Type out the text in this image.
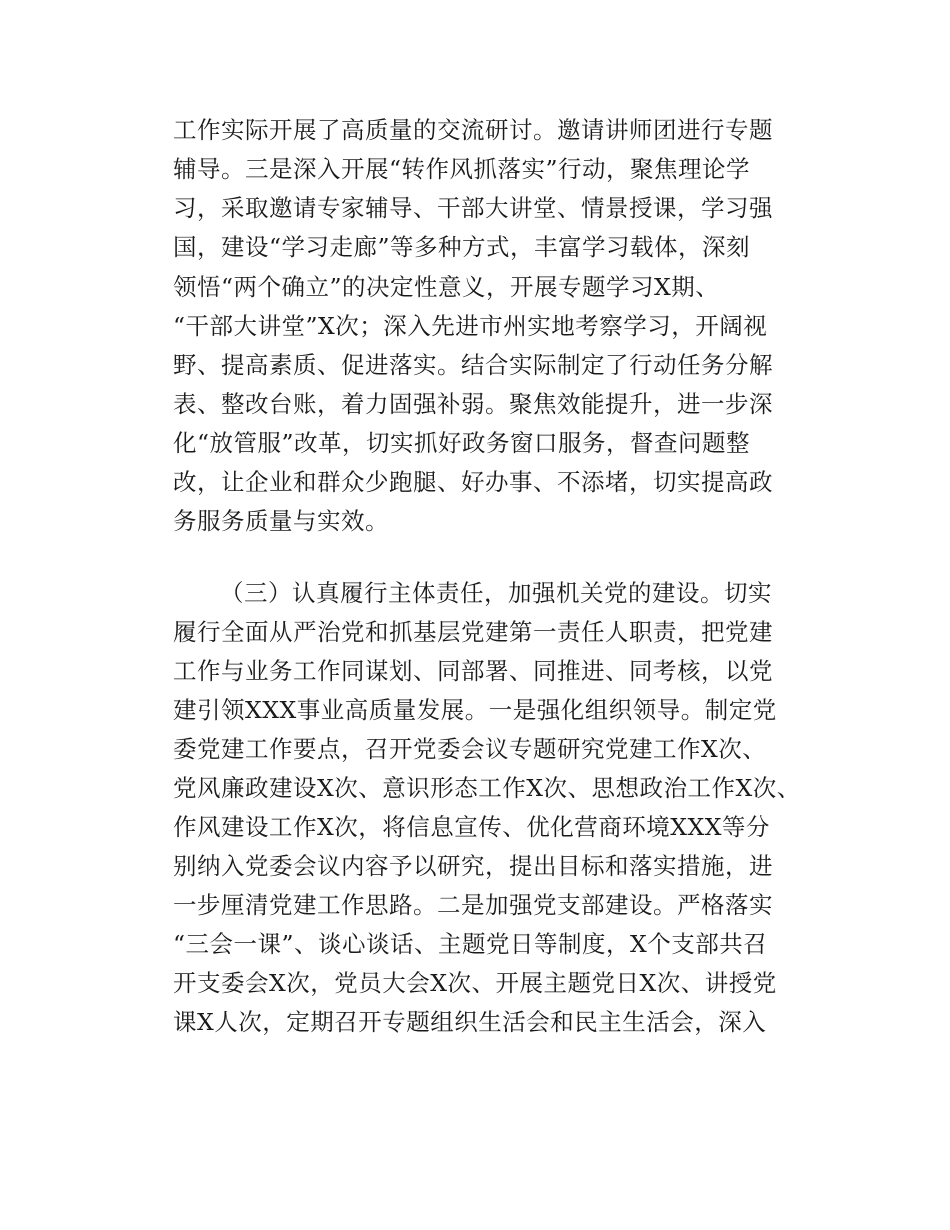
工作实际开展了高质量的交流研讨。邀请讲师团进行专题
辅导。三是深入开展“转作风抓落实”行动，聚焦理论学
习，采取邀请专家辅导、干部大讲堂、情景授课，学习强
国，建设“学习走廊”等多种方式，丰富学习载体，深刻
领悟“两个确立”的决定性意义，开展专题学习X期、
“干部大讲堂”X次；深入先进市州实地考察学习，开阔视
野、提高素质、促进落实。结合实际制定了行动任务分解
表、整改台账，着力固强补弱。聚焦效能提升，进一步深
化“放管服”改革，切实抓好政务窗口服务，督查问题整
改，让企业和群众少跑腿、好办事、不添堵，切实提高政
务服务质量与实效。
（三）认真履行主体责任，加强机关党的建设。切实
履行全面从严治党和抓基层党建第一责任人职责，把党建
工作与业务工作同谋划、同部署、同推进、同考核，以党
建引领XXX事业高质量发展。一是强化组织领导。制定党
委党建工作要点，召开党委会议专题研究党建工作X次、
党风廉政建设X次、意识形态工作X次、思想政治工作X次、
作风建设工作X次，将信息宣传、优化营商环境XXX等分
别纳入党委会议内容予以研究，提出目标和落实措施，进
一步厘清党建工作思路。二是加强党支部建设。严格落实
“三会一课”、谈心谈话、主题党日等制度，X个支部共召
开支委会X次，党员大会X次、开展主题党日X次、讲授党
课X人次，定期召开专题组织生活会和民主生活会，深入
